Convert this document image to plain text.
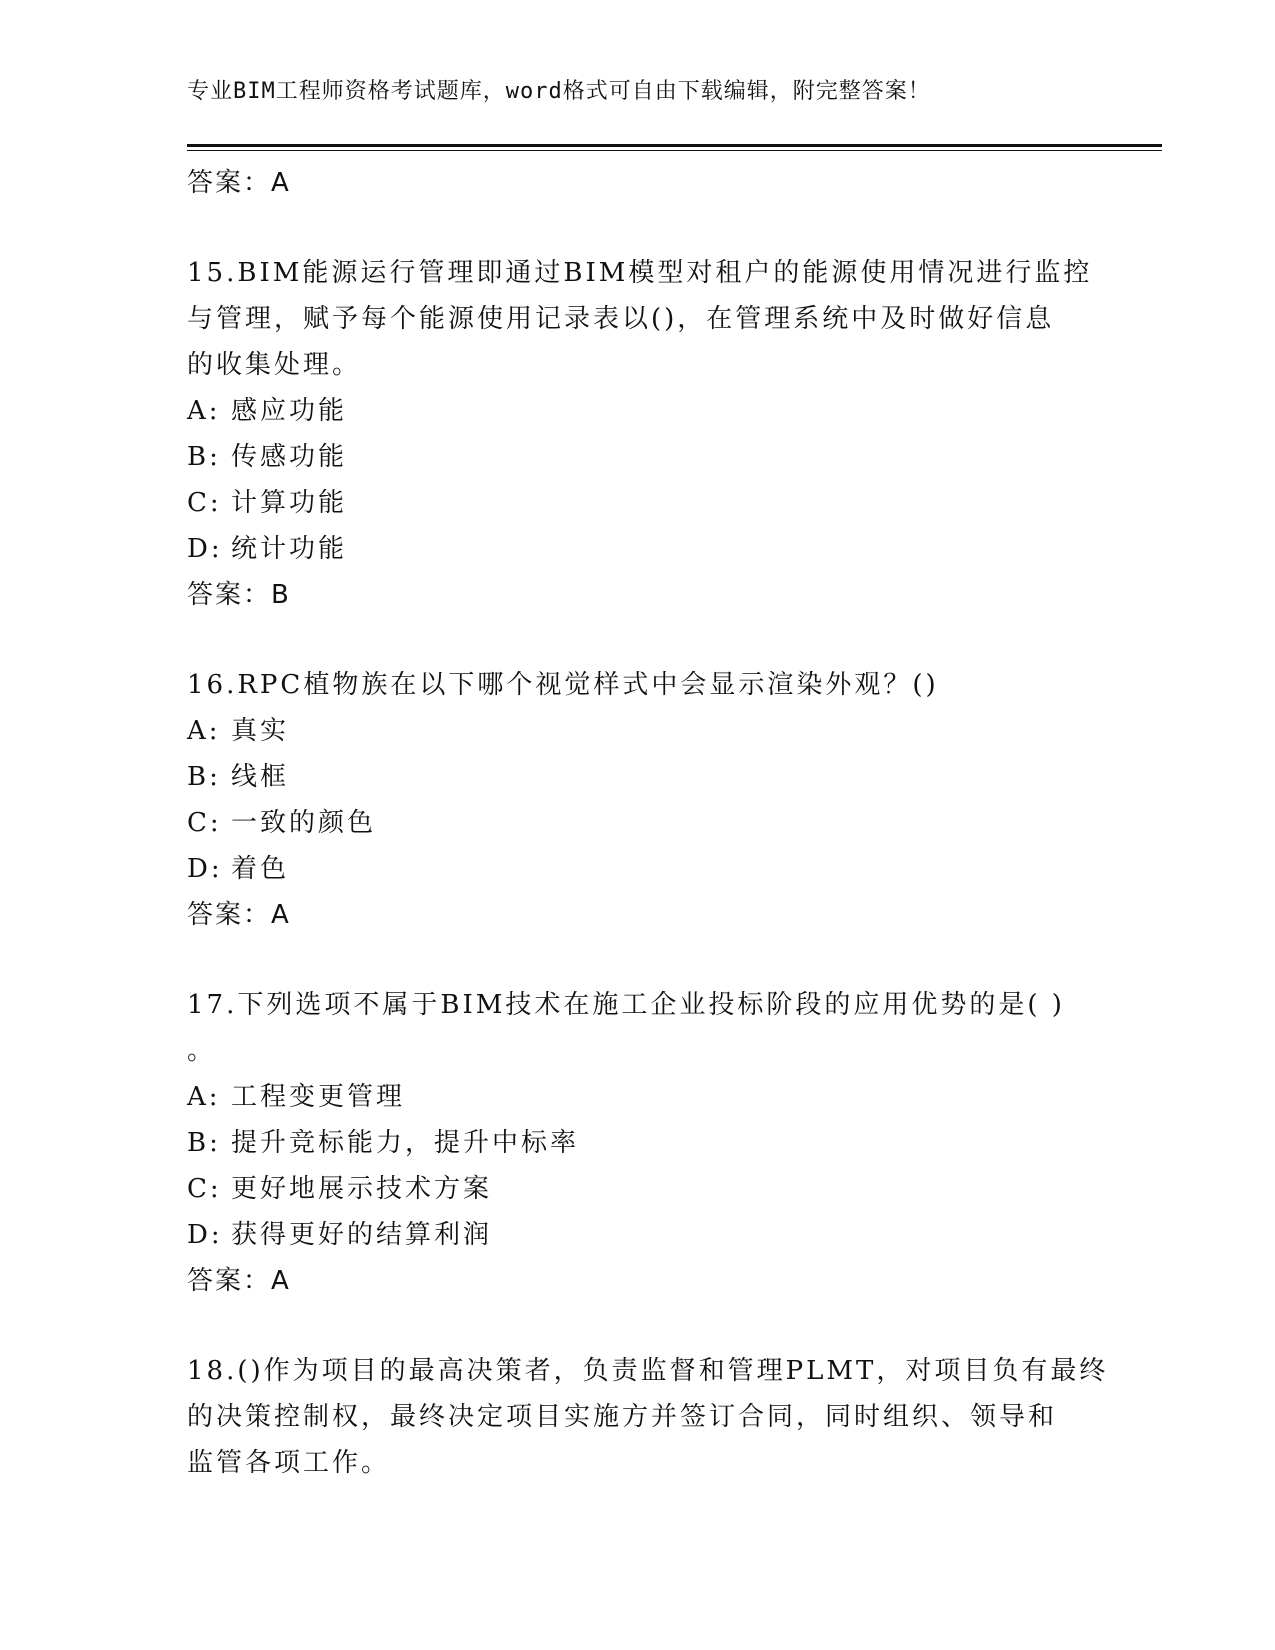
专业BIM工程师资格考试题库，word格式可自由下载编辑，附完整答案！
答案：A
15.BIM能源运行管理即通过BIM模型对租户的能源使用情况进行监控
与管理，赋予每个能源使用记录表以()，在管理系统中及时做好信息
的收集处理。
A: 感应功能
B: 传感功能
C: 计算功能
D: 统计功能
答案：B
16.RPC植物族在以下哪个视觉样式中会显示渲染外观？()
A: 真实
B: 线框
C: 一致的颜色
D: 着色
答案：A
17.下列选项不属于BIM技术在施工企业投标阶段的应用优势的是( )
。
A: 工程变更管理
B: 提升竞标能力，提升中标率
C: 更好地展示技术方案
D: 获得更好的结算利润
答案：A
18.()作为项目的最高决策者，负责监督和管理PLMT，对项目负有最终
的决策控制权，最终决定项目实施方并签订合同，同时组织、领导和
监管各项工作。
